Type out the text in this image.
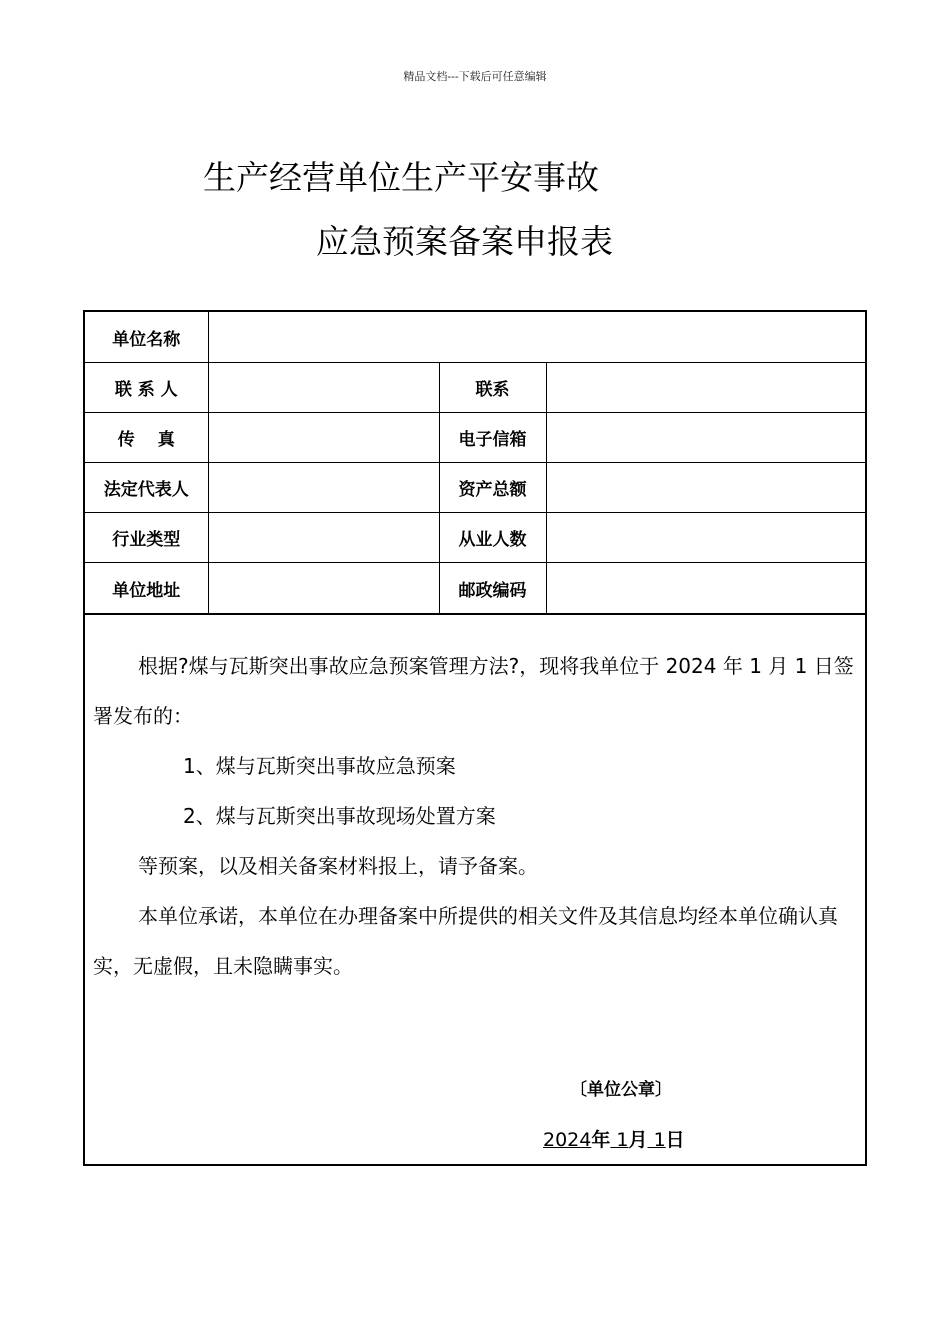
精品文档---下载后可任意编辑
生产经营单位生产平安事故
应急预案备案申报表
单位名称			
联 系 人		联系	
传　 真		电子信箱	
法定代表人		资产总额	
行业类型		从业人数	
单位地址		邮政编码	

根据?煤与瓦斯突出事故应急预案管理方法?，现将我单位于 2024 年 1 月 1 日签署发布的：

1、煤与瓦斯突出事故应急预案

2、煤与瓦斯突出事故现场处置方案

等预案，以及相关备案材料报上，请予备案。

本单位承诺，本单位在办理备案中所提供的相关文件及其信息均经本单位确认真实，无虚假，且未隐瞒事实。

〔单位公章〕
2024年 1月 1日
